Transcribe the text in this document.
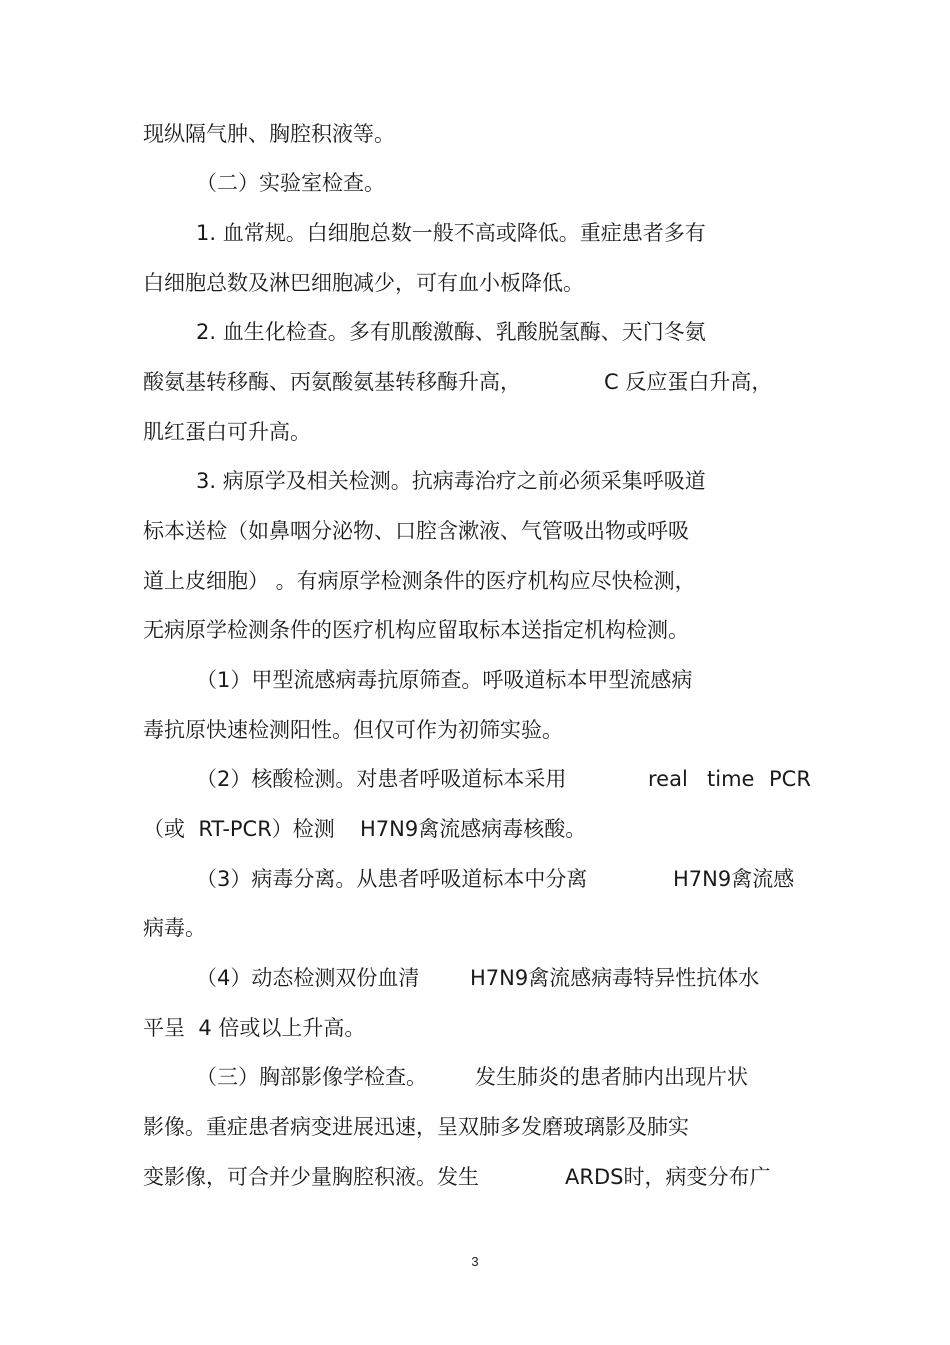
现纵隔气肿、胸腔积液等。
（二）实验室检查。
1. 血常规。白细胞总数一般不高或降低。重症患者多有
白细胞总数及淋巴细胞减少，可有血小板降低。
2. 血生化检查。多有肌酸激酶、乳酸脱氢酶、天门冬氨
酸氨基转移酶、丙氨酸氨基转移酶升高，	C 反应蛋白升高，
肌红蛋白可升高。
3. 病原学及相关检测。抗病毒治疗之前必须采集呼吸道
标本送检（如鼻咽分泌物、口腔含漱液、气管吸出物或呼吸
道上皮细胞） 。有病原学检测条件的医疗机构应尽快检测，
无病原学检测条件的医疗机构应留取标本送指定机构检测。
（1）甲型流感病毒抗原筛查。呼吸道标本甲型流感病
毒抗原快速检测阳性。但仅可作为初筛实验。
（2）核酸检测。对患者呼吸道标本采用	real time PCR
（或  RT-PCR）检测 H7N9禽流感病毒核酸。
（3）病毒分离。从患者呼吸道标本中分离	H7N9禽流感
病毒。
（4）动态检测双份血清 H7N9禽流感病毒特异性抗体水
平呈  4 倍或以上升高。
（三）胸部影像学检查。 发生肺炎的患者肺内出现片状
影像。重症患者病变进展迅速，呈双肺多发磨玻璃影及肺实
变影像，可合并少量胸腔积液。发生	ARDS时，病变分布广
3
